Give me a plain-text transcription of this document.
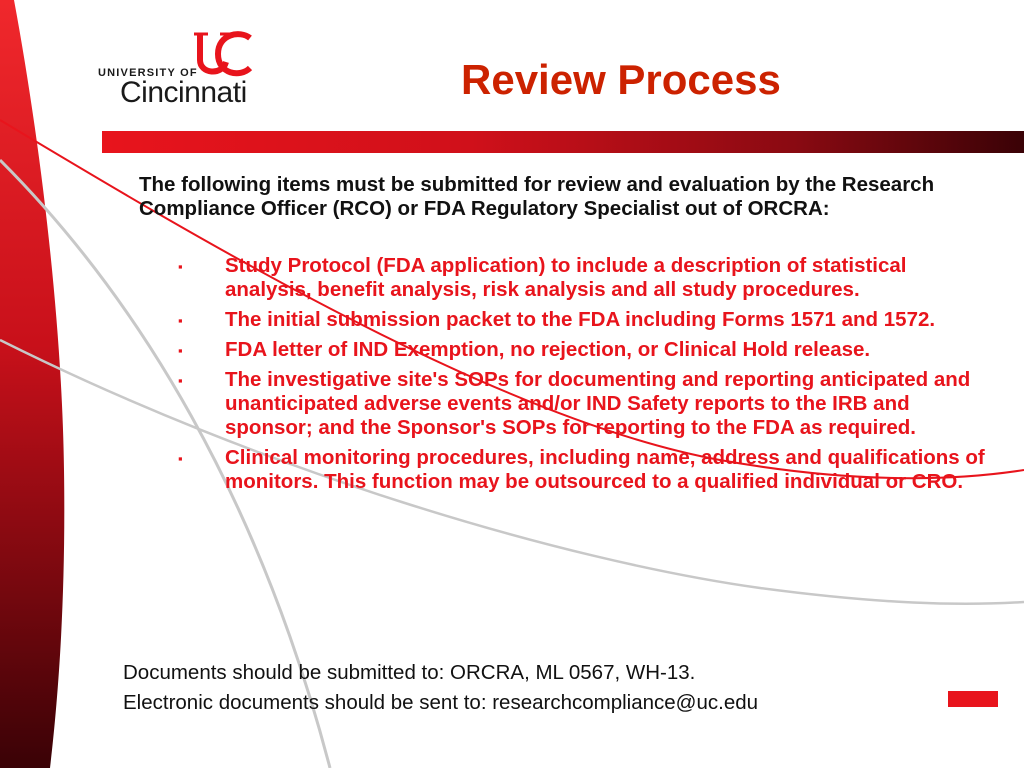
UNIVERSITY OF
Cincinnati	Review Process

The following items must be submitted for review and evaluation by the Research Compliance Officer (RCO) or FDA Regulatory Specialist out of ORCRA:

▪ Study Protocol (FDA application) to include a description of statistical analysis, benefit analysis, risk analysis and all study procedures.
▪ The initial submission packet to the FDA including Forms 1571 and 1572.
▪ FDA letter of IND Exemption, no rejection, or Clinical Hold release.
▪ The investigative site's SOPs for documenting and reporting anticipated and unanticipated adverse events and/or IND Safety reports to the IRB and sponsor; and the Sponsor's SOPs for reporting to the FDA as required.
▪ Clinical monitoring procedures, including name, address and qualifications of monitors. This function may be outsourced to a qualified individual or CRO.
Documents should be submitted to: ORCRA, ML 0567, WH-13.
Electronic documents should be sent to: researchcompliance@uc.edu
